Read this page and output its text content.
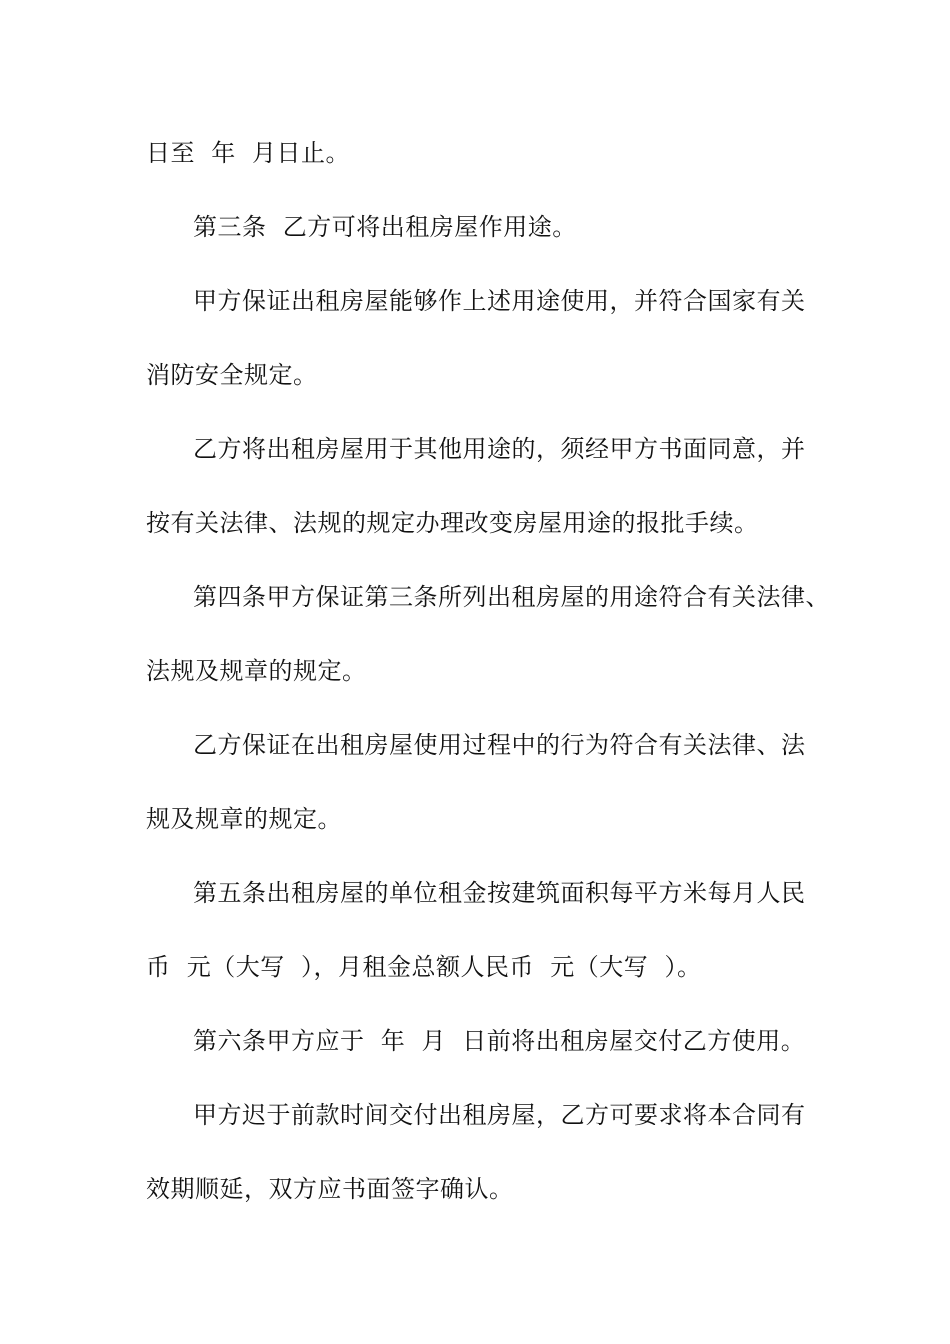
日至  年  月日止。
第三条  乙方可将出租房屋作用途。
甲方保证出租房屋能够作上述用途使用，并符合国家有关
消防安全规定。
乙方将出租房屋用于其他用途的，须经甲方书面同意，并
按有关法律、法规的规定办理改变房屋用途的报批手续。
第四条甲方保证第三条所列出租房屋的用途符合有关法律、
法规及规章的规定。
乙方保证在出租房屋使用过程中的行为符合有关法律、法
规及规章的规定。
第五条出租房屋的单位租金按建筑面积每平方米每月人民
币  元（大写  ），月租金总额人民币  元（大写  ）。
第六条甲方应于  年  月  日前将出租房屋交付乙方使用。
甲方迟于前款时间交付出租房屋，乙方可要求将本合同有
效期顺延，双方应书面签字确认。
